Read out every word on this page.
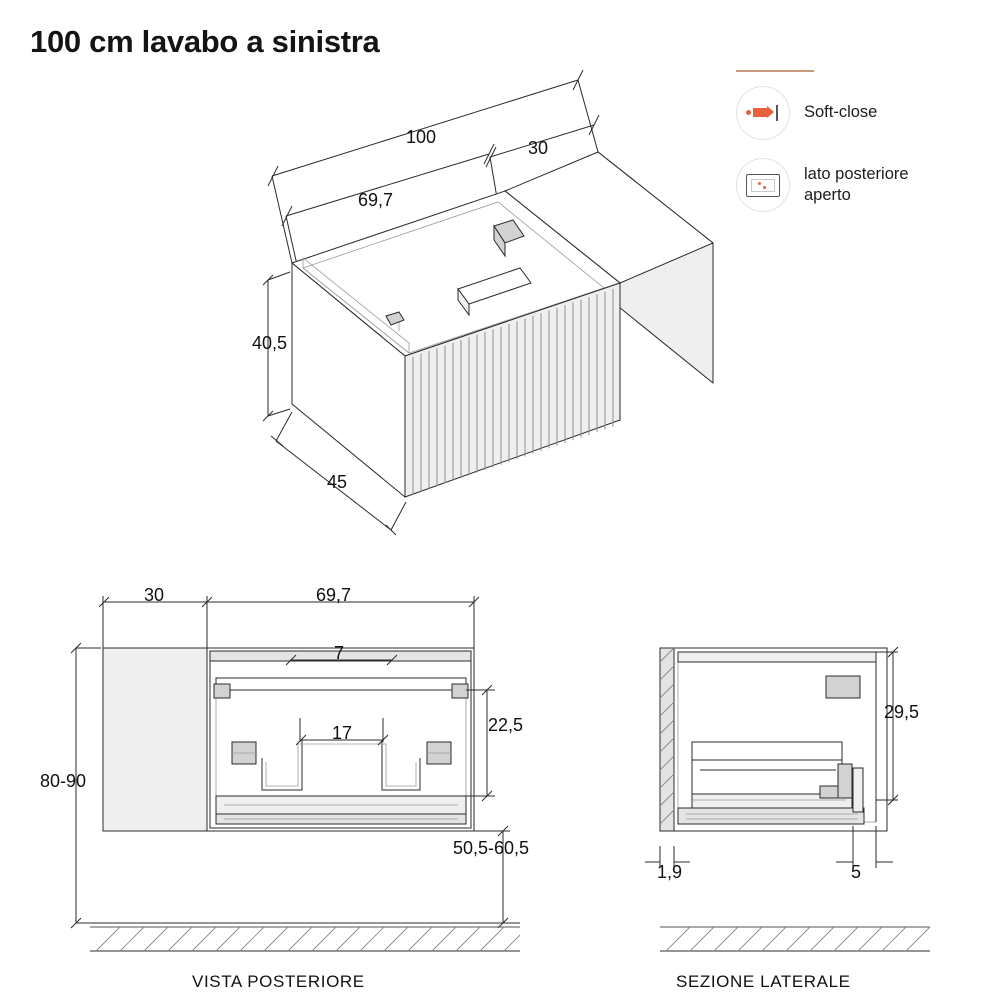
100 cm lavabo a sinistra
Soft-close
lato posteriore
aperto
100
30
69,7
40,5
45
30	69,7
7
17	22,5
80-90
50,5-60,5
VISTA POSTERIORE
29,5
1,9	5
SEZIONE LATERALE
